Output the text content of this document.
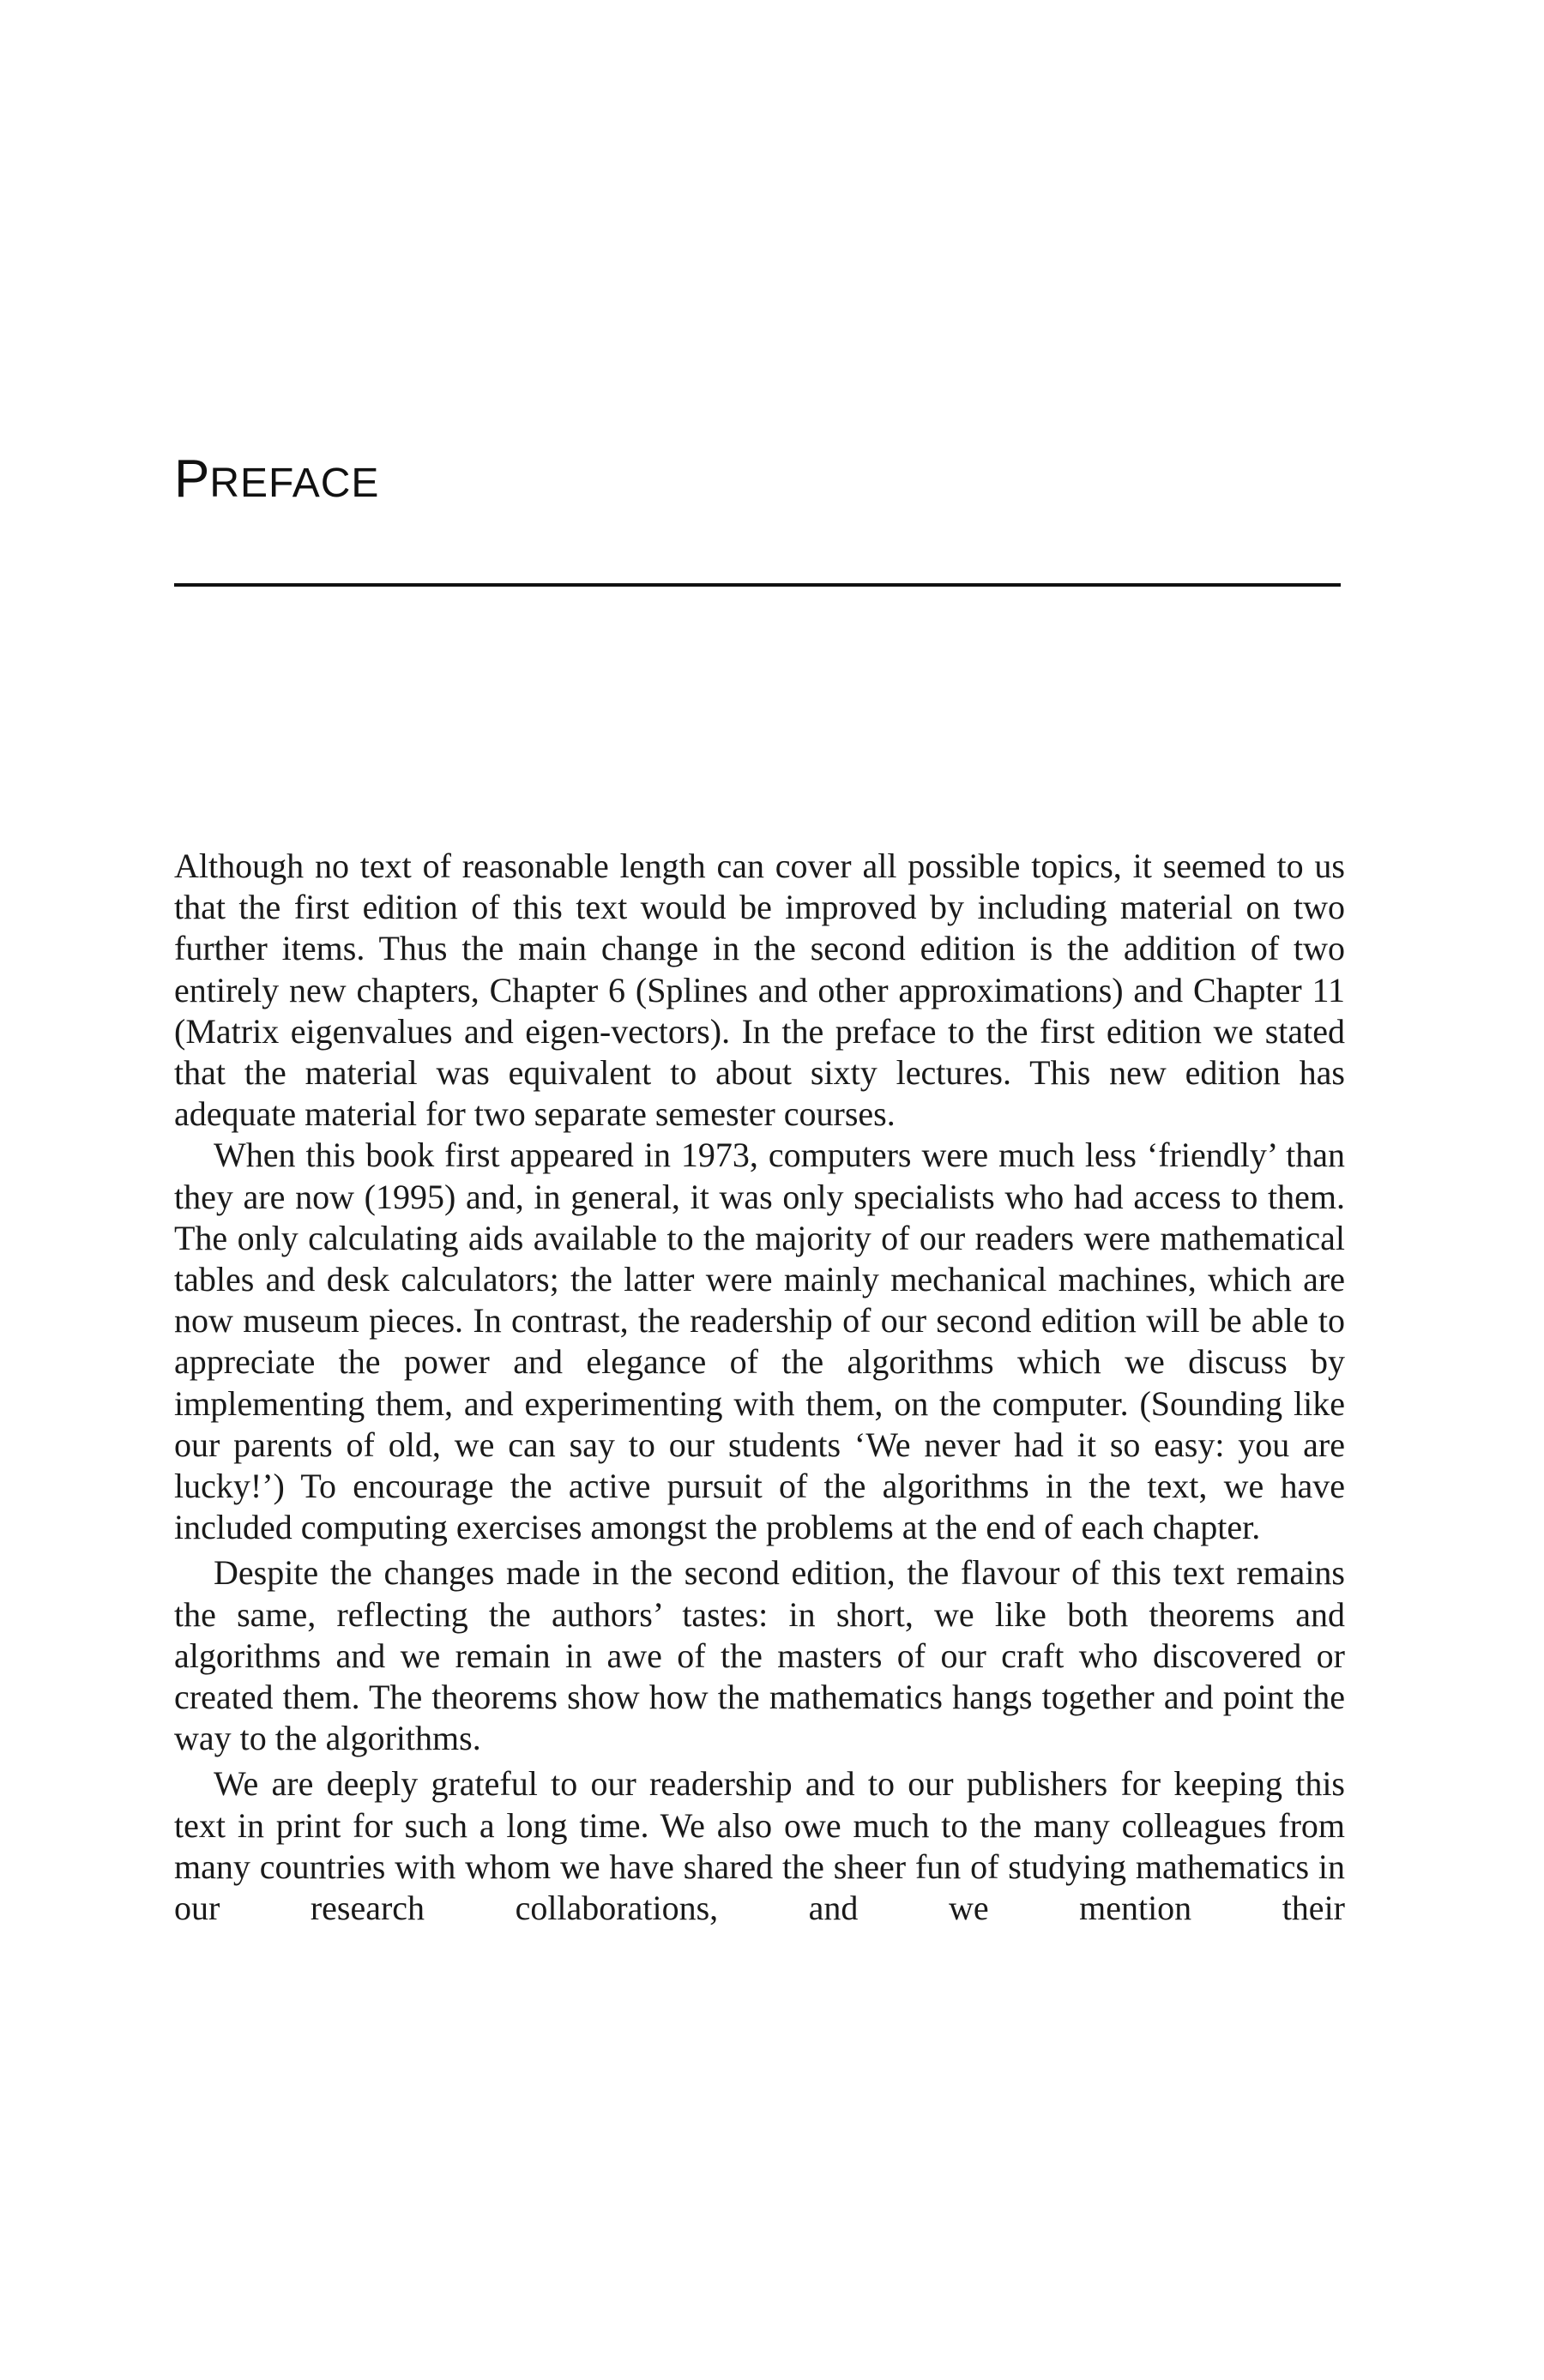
PREFACE

Although no text of reasonable length can cover all possible topics, it seemed to us that the first edition of this text would be improved by including material on two further items. Thus the main change in the second edition is the addition of two entirely new chapters, Chapter 6 (Splines and other approximations) and Chapter 11 (Matrix eigenvalues and eigen-vectors). In the preface to the first edition we stated that the material was equivalent to about sixty lectures. This new edition has adequate material for two separate semester courses.

When this book first appeared in 1973, computers were much less ‘friendly’ than they are now (1995) and, in general, it was only specialists who had access to them. The only calculating aids available to the majority of our readers were mathematical tables and desk calculators; the latter were mainly mechanical machines, which are now museum pieces. In contrast, the readership of our second edition will be able to appreciate the power and elegance of the algorithms which we discuss by implementing them, and experimenting with them, on the computer. (Sounding like our parents of old, we can say to our students ‘We never had it so easy: you are lucky!’) To encourage the active pursuit of the algorithms in the text, we have included computing exercises amongst the problems at the end of each chapter.

Despite the changes made in the second edition, the flavour of this text remains the same, reflecting the authors’ tastes: in short, we like both theorems and algorithms and we remain in awe of the masters of our craft who discovered or created them. The theorems show how the mathematics hangs together and point the way to the algorithms.

We are deeply grateful to our readership and to our publishers for keeping this text in print for such a long time. We also owe much to the many colleagues from many countries with whom we have shared the sheer fun of studying mathematics in our research collaborations, and we mention their
